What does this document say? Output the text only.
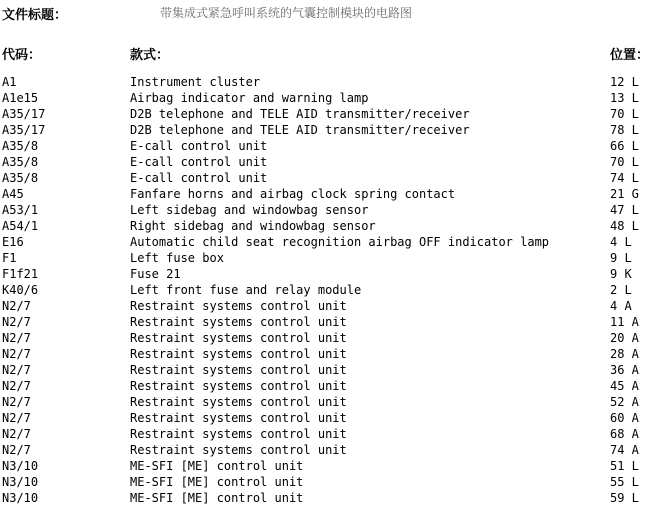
文件标题：	带集成式紧急呼叫系统的气囊控制模块的电路图
代码：	款式：	位置：
A1	Instrument cluster	12 L
A1e15	Airbag indicator and warning lamp	13 L
A35/17	D2B telephone and TELE AID transmitter/receiver	70 L
A35/17	D2B telephone and TELE AID transmitter/receiver	78 L
A35/8	E-call control unit	66 L
A35/8	E-call control unit	70 L
A35/8	E-call control unit	74 L
A45	Fanfare horns and airbag clock spring contact	21 G
A53/1	Left sidebag and windowbag sensor	47 L
A54/1	Right sidebag and windowbag sensor	48 L
E16	Automatic child seat recognition airbag OFF indicator lamp	4 L
F1	Left fuse box	9 L
F1f21	Fuse 21	9 K
K40/6	Left front fuse and relay module	2 L
N2/7	Restraint systems control unit	4 A
N2/7	Restraint systems control unit	11 A
N2/7	Restraint systems control unit	20 A
N2/7	Restraint systems control unit	28 A
N2/7	Restraint systems control unit	36 A
N2/7	Restraint systems control unit	45 A
N2/7	Restraint systems control unit	52 A
N2/7	Restraint systems control unit	60 A
N2/7	Restraint systems control unit	68 A
N2/7	Restraint systems control unit	74 A
N3/10	ME-SFI [ME] control unit	51 L
N3/10	ME-SFI [ME] control unit	55 L
N3/10	ME-SFI [ME] control unit	59 L
